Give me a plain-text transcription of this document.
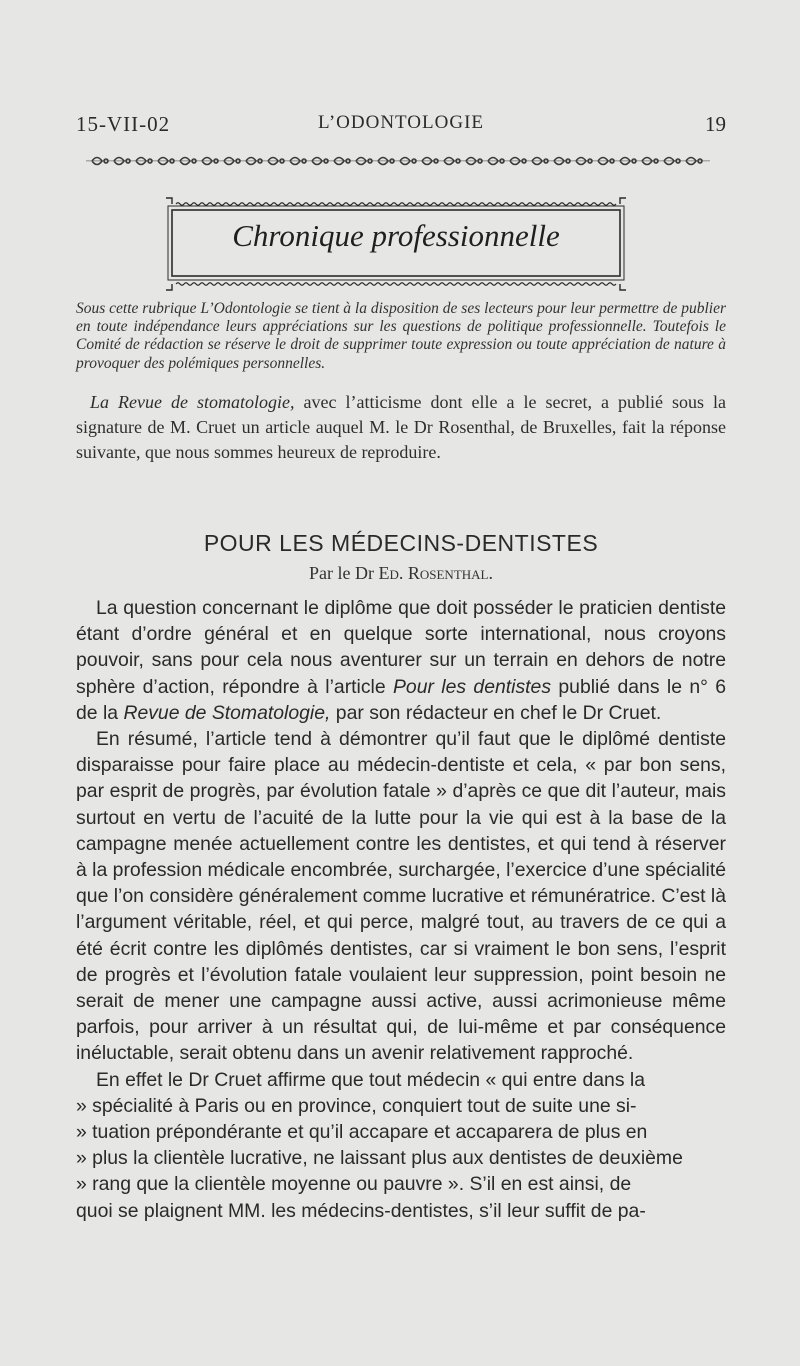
15-VII-02	L’ODONTOLOGIE	19
Chronique professionnelle
Sous cette rubrique L’Odontologie se tient à la disposition de ses lecteurs pour leur permettre de publier en toute indépendance leurs appréciations sur les questions de politique professionnelle. Toutefois le Comité de rédaction se réserve le droit de supprimer toute expression ou toute appréciation de nature à provoquer des polémiques personnelles.
La Revue de stomatologie, avec l’atticisme dont elle a le secret, a publié sous la signature de M. Cruet un article auquel M. le Dr Rosenthal, de Bruxelles, fait la réponse suivante, que nous sommes heureux de reproduire.
POUR LES MÉDECINS-DENTISTES
Par le Dr Ed. Rosenthal.

La question concernant le diplôme que doit posséder le praticien dentiste étant d’ordre général et en quelque sorte international, nous croyons pouvoir, sans pour cela nous aventurer sur un terrain en dehors de notre sphère d’action, répondre à l’article Pour les dentistes publié dans le n° 6 de la Revue de Stomatologie, par son rédacteur en chef le Dr Cruet.

En résumé, l’article tend à démontrer qu’il faut que le diplômé dentiste disparaisse pour faire place au médecin-dentiste et cela, « par bon sens, par esprit de progrès, par évolution fatale » d’après ce que dit l’auteur, mais surtout en vertu de l’acuité de la lutte pour la vie qui est à la base de la campagne menée actuellement contre les dentistes, et qui tend à réserver à la profession médicale encombrée, surchargée, l’exercice d’une spécialité que l’on considère généralement comme lucrative et rémunératrice. C’est là l’argument véritable, réel, et qui perce, malgré tout, au travers de ce qui a été écrit contre les diplômés dentistes, car si vraiment le bon sens, l’esprit de progrès et l’évolution fatale voulaient leur suppression, point besoin ne serait de mener une campagne aussi active, aussi acrimonieuse même parfois, pour arriver à un résultat qui, de lui-même et par conséquence inéluctable, serait obtenu dans un avenir relativement rapproché.

En effet le Dr Cruet affirme que tout médecin « qui entre dans la

» spécialité à Paris ou en province, conquiert tout de suite une si-

» tuation prépondérante et qu’il accapare et accaparera de plus en

» plus la clientèle lucrative, ne laissant plus aux dentistes de deuxième

» rang que la clientèle moyenne ou pauvre ». S’il en est ainsi, de

quoi se plaignent MM. les médecins-dentistes, s’il leur suffit de pa-
